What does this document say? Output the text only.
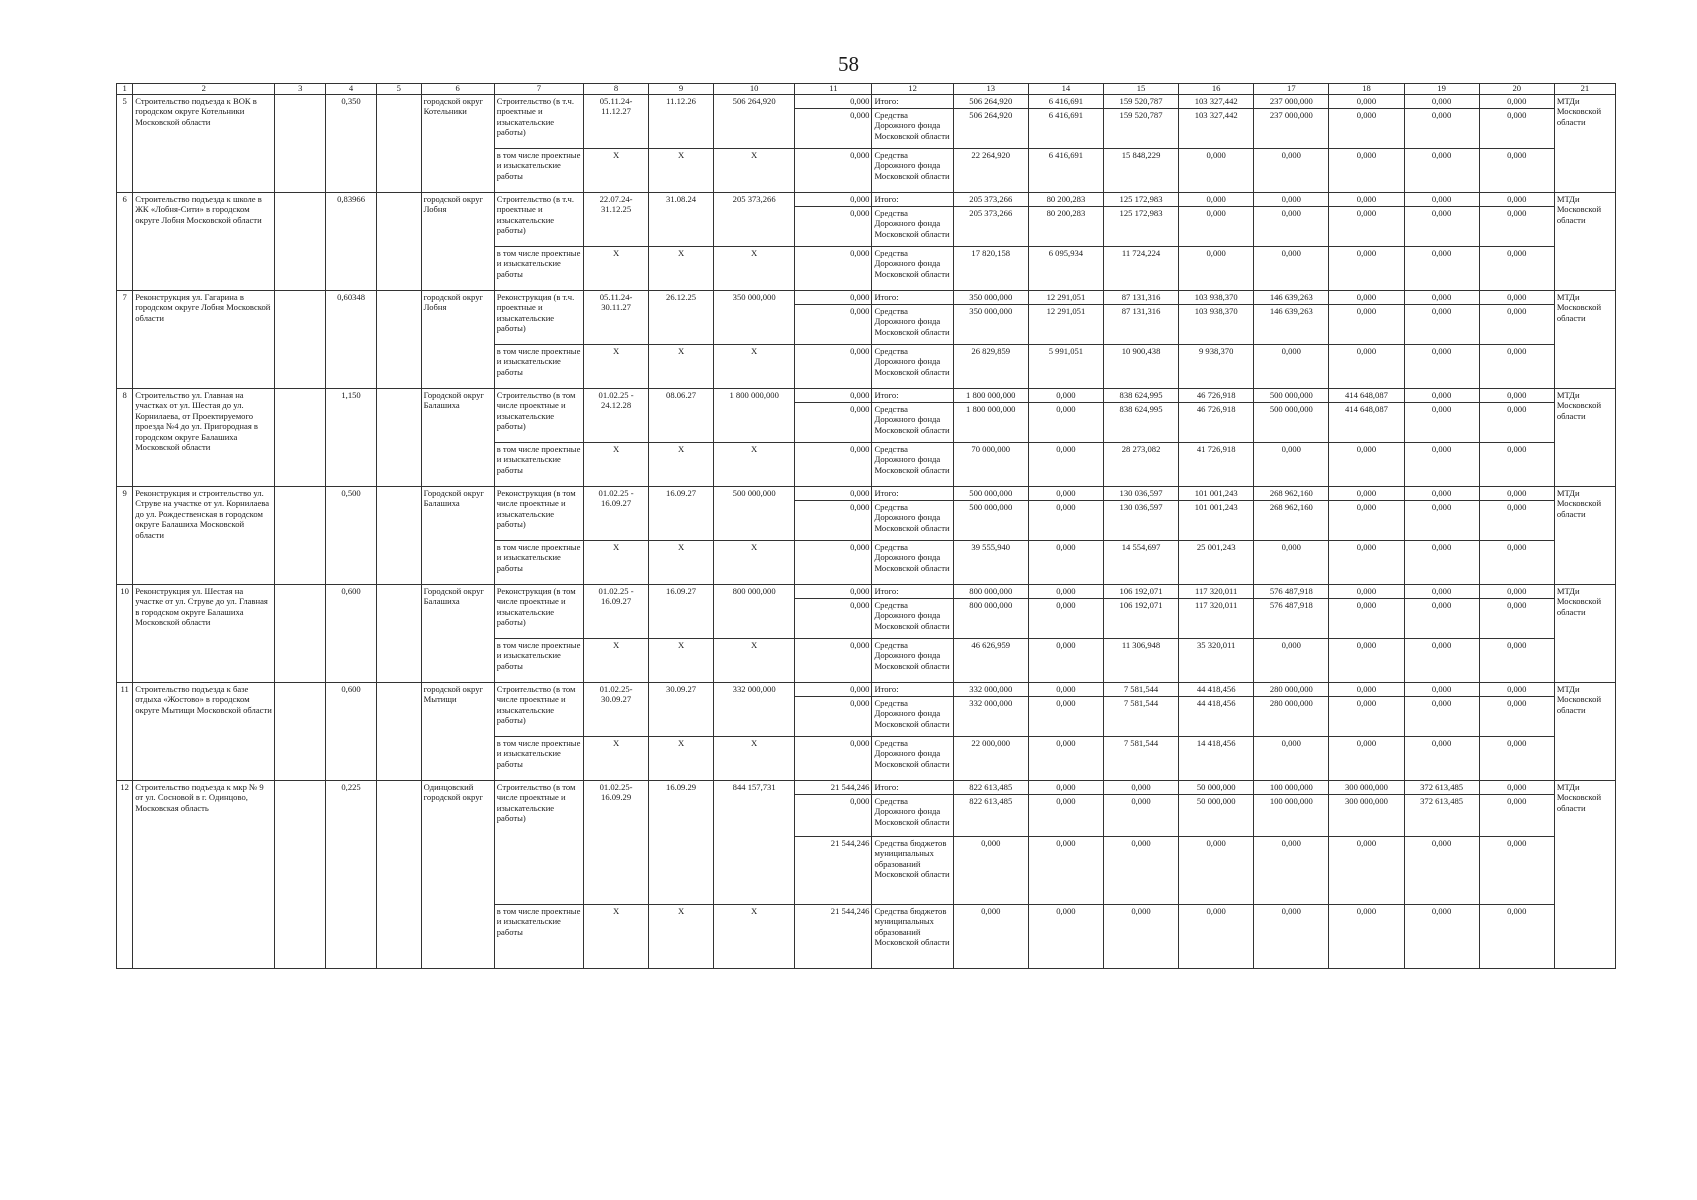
58
1	2	3	4	5	6	7	8	9	10	11	12	13	14	15	16	17	18	19	20	21
5	Строительство подъезда к ВОК в городском округе Котельники Московской области		0,350		городской округ Котельники	Строительство (в т.ч. проектные и изыскательские работы)	05.11.24-11.12.27	11.12.26	506 264,920	0,000	Итого:	506 264,920	6 416,691	159 520,787	103 327,442	237 000,000	0,000	0,000	0,000	МТДи Московской области
										0,000	Средства Дорожного фонда Московской области	506 264,920	6 416,691	159 520,787	103 327,442	237 000,000	0,000	0,000	0,000	
						в том числе проектные и изыскательские работы	Х	Х	Х	0,000	Средства Дорожного фонда Московской области	22 264,920	6 416,691	15 848,229	0,000	0,000	0,000	0,000	0,000	
6	Строительство подъезда к школе в ЖК «Лобня-Сити» в городском округе Лобня Московской области		0,83966		городской округ Лобня	Строительство (в т.ч. проектные и изыскательские работы)	22.07.24-31.12.25	31.08.24	205 373,266	0,000	Итого:	205 373,266	80 200,283	125 172,983	0,000	0,000	0,000	0,000	0,000	МТДи Московской области
										0,000	Средства Дорожного фонда Московской области	205 373,266	80 200,283	125 172,983	0,000	0,000	0,000	0,000	0,000	
						в том числе проектные и изыскательские работы	Х	Х	Х	0,000	Средства Дорожного фонда Московской области	17 820,158	6 095,934	11 724,224	0,000	0,000	0,000	0,000	0,000	
7	Реконструкция ул. Гагарина в городском округе Лобня Московской области		0,60348		городской округ Лобня	Реконструкция (в т.ч. проектные и изыскательские работы)	05.11.24-30.11.27	26.12.25	350 000,000	0,000	Итого:	350 000,000	12 291,051	87 131,316	103 938,370	146 639,263	0,000	0,000	0,000	МТДи Московской области
										0,000	Средства Дорожного фонда Московской области	350 000,000	12 291,051	87 131,316	103 938,370	146 639,263	0,000	0,000	0,000	
						в том числе проектные и изыскательские работы	Х	Х	Х	0,000	Средства Дорожного фонда Московской области	26 829,859	5 991,051	10 900,438	9 938,370	0,000	0,000	0,000	0,000	
8	Строительство ул. Главная на участках от ул. Шестая до ул. Корнилаева, от Проектируемого проезда №4 до ул. Пригородная в городском округе Балашиха Московской области		1,150		Городской округ Балашиха	Строительство (в том числе проектные и изыскательские работы)	01.02.25 - 24.12.28	08.06.27	1 800 000,000	0,000	Итого:	1 800 000,000	0,000	838 624,995	46 726,918	500 000,000	414 648,087	0,000	0,000	МТДи Московской области
										0,000	Средства Дорожного фонда Московской области	1 800 000,000	0,000	838 624,995	46 726,918	500 000,000	414 648,087	0,000	0,000	
						в том числе проектные и изыскательские работы	Х	Х	Х	0,000	Средства Дорожного фонда Московской области	70 000,000	0,000	28 273,082	41 726,918	0,000	0,000	0,000	0,000	
9	Реконструкция и строительство ул. Струве на участке от ул. Корнилаева до ул. Рождественская в городском округе Балашиха Московской области		0,500		Городской округ Балашиха	Реконструкция (в том числе проектные и изыскательские работы)	01.02.25 - 16.09.27	16.09.27	500 000,000	0,000	Итого:	500 000,000	0,000	130 036,597	101 001,243	268 962,160	0,000	0,000	0,000	МТДи Московской области
										0,000	Средства Дорожного фонда Московской области	500 000,000	0,000	130 036,597	101 001,243	268 962,160	0,000	0,000	0,000	
						в том числе проектные и изыскательские работы	Х	Х	Х	0,000	Средства Дорожного фонда Московской области	39 555,940	0,000	14 554,697	25 001,243	0,000	0,000	0,000	0,000	
10	Реконструкция ул. Шестая на участке от ул. Струве до ул. Главная в городском округе Балашиха Московской области		0,600		Городской округ Балашиха	Реконструкция (в том числе проектные и изыскательские работы)	01.02.25 - 16.09.27	16.09.27	800 000,000	0,000	Итого:	800 000,000	0,000	106 192,071	117 320,011	576 487,918	0,000	0,000	0,000	МТДи Московской области
										0,000	Средства Дорожного фонда Московской области	800 000,000	0,000	106 192,071	117 320,011	576 487,918	0,000	0,000	0,000	
						в том числе проектные и изыскательские работы	Х	Х	Х	0,000	Средства Дорожного фонда Московской области	46 626,959	0,000	11 306,948	35 320,011	0,000	0,000	0,000	0,000	
11	Строительство подъезда к базе отдыха «Жостово» в городском округе Мытищи Московской области		0,600		городской округ Мытищи	Строительство (в том числе проектные и изыскательские работы)	01.02.25-30.09.27	30.09.27	332 000,000	0,000	Итого:	332 000,000	0,000	7 581,544	44 418,456	280 000,000	0,000	0,000	0,000	МТДи Московской области
										0,000	Средства Дорожного фонда Московской области	332 000,000	0,000	7 581,544	44 418,456	280 000,000	0,000	0,000	0,000	
						в том числе проектные и изыскательские работы	Х	Х	Х	0,000	Средства Дорожного фонда Московской области	22 000,000	0,000	7 581,544	14 418,456	0,000	0,000	0,000	0,000	
12	Строительство подъезда к мкр № 9 от ул. Сосновой в г. Одинцово, Московская область		0,225		Одинцовский городской округ	Строительство (в том числе проектные и изыскательские работы)	01.02.25-16.09.29	16.09.29	844 157,731	21 544,246	Итого:	822 613,485	0,000	0,000	50 000,000	100 000,000	300 000,000	372 613,485	0,000	МТДи Московской области
										0,000	Средства Дорожного фонда Московской области	822 613,485	0,000	0,000	50 000,000	100 000,000	300 000,000	372 613,485	0,000	
										21 544,246	Средства бюджетов муниципальных образований Московской области	0,000	0,000	0,000	0,000	0,000	0,000	0,000	0,000	
						в том числе проектные и изыскательские работы	Х	Х	Х	21 544,246	Средства бюджетов муниципальных образований Московской области	0,000	0,000	0,000	0,000	0,000	0,000	0,000	0,000	
